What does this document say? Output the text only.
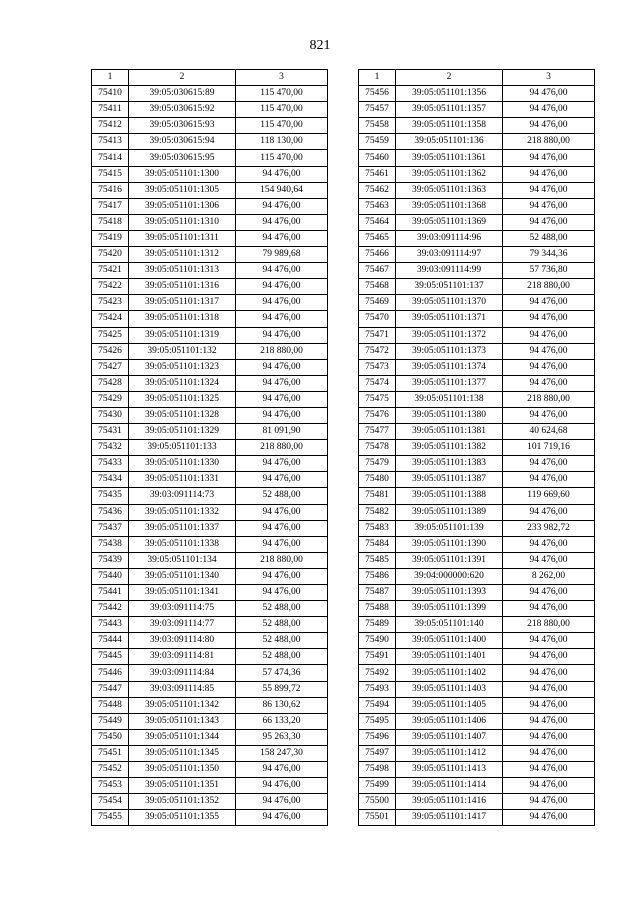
821
1	2	3
75410	39:05:030615:89	115 470,00
75411	39:05:030615:92	115 470,00
75412	39:05:030615:93	115 470,00
75413	39:05:030615:94	118 130,00
75414	39:05:030615:95	115 470,00
75415	39:05:051101:1300	94 476,00
75416	39:05:051101:1305	154 940,64
75417	39:05:051101:1306	94 476,00
75418	39:05:051101:1310	94 476,00
75419	39:05:051101:1311	94 476,00
75420	39:05:051101:1312	79 989,68
75421	39:05:051101:1313	94 476,00
75422	39:05:051101:1316	94 476,00
75423	39:05:051101:1317	94 476,00
75424	39:05:051101:1318	94 476,00
75425	39:05:051101:1319	94 476,00
75426	39:05:051101:132	218 880,00
75427	39:05:051101:1323	94 476,00
75428	39:05:051101:1324	94 476,00
75429	39:05:051101:1325	94 476,00
75430	39:05:051101:1328	94 476,00
75431	39:05:051101:1329	81 091,90
75432	39:05:051101:133	218 880,00
75433	39:05:051101:1330	94 476,00
75434	39:05:051101:1331	94 476,00
75435	39:03:091114:73	52 488,00
75436	39:05:051101:1332	94 476,00
75437	39:05:051101:1337	94 476,00
75438	39:05:051101:1338	94 476,00
75439	39:05:051101:134	218 880,00
75440	39:05:051101:1340	94 476,00
75441	39:05:051101:1341	94 476,00
75442	39:03:091114:75	52 488,00
75443	39:03:091114:77	52 488,00
75444	39:03:091114:80	52 488,00
75445	39:03:091114:81	52 488,00
75446	39:03:091114:84	57 474,36
75447	39:03:091114:85	55 899,72
75448	39:05:051101:1342	86 130,62
75449	39:05:051101:1343	66 133,20
75450	39:05:051101:1344	95 263,30
75451	39:05:051101:1345	158 247,30
75452	39:05:051101:1350	94 476,00
75453	39:05:051101:1351	94 476,00
75454	39:05:051101:1352	94 476,00
75455	39:05:051101:1355	94 476,00
1	2	3
75456	39:05:051101:1356	94 476,00
75457	39:05:051101:1357	94 476,00
75458	39:05:051101:1358	94 476,00
75459	39:05:051101:136	218 880,00
75460	39:05:051101:1361	94 476,00
75461	39:05:051101:1362	94 476,00
75462	39:05:051101:1363	94 476,00
75463	39:05:051101:1368	94 476,00
75464	39:05:051101:1369	94 476,00
75465	39:03:091114:96	52 488,00
75466	39:03:091114:97	79 344,36
75467	39:03:091114:99	57 736,80
75468	39:05:051101:137	218 880,00
75469	39:05:051101:1370	94 476,00
75470	39:05:051101:1371	94 476,00
75471	39:05:051101:1372	94 476,00
75472	39:05:051101:1373	94 476,00
75473	39:05:051101:1374	94 476,00
75474	39:05:051101:1377	94 476,00
75475	39:05:051101:138	218 880,00
75476	39:05:051101:1380	94 476,00
75477	39:05:051101:1381	40 624,68
75478	39:05:051101:1382	101 719,16
75479	39:05:051101:1383	94 476,00
75480	39:05:051101:1387	94 476,00
75481	39:05:051101:1388	119 669,60
75482	39:05:051101:1389	94 476,00
75483	39:05:051101:139	233 982,72
75484	39:05:051101:1390	94 476,00
75485	39:05:051101:1391	94 476,00
75486	39:04:000000:620	8 262,00
75487	39:05:051101:1393	94 476,00
75488	39:05:051101:1399	94 476,00
75489	39:05:051101:140	218 880,00
75490	39:05:051101:1400	94 476,00
75491	39:05:051101:1401	94 476,00
75492	39:05:051101:1402	94 476,00
75493	39:05:051101:1403	94 476,00
75494	39:05:051101:1405	94 476,00
75495	39:05:051101:1406	94 476,00
75496	39:05:051101:1407	94 476,00
75497	39:05:051101:1412	94 476,00
75498	39:05:051101:1413	94 476,00
75499	39:05:051101:1414	94 476,00
75500	39:05:051101:1416	94 476,00
75501	39:05:051101:1417	94 476,00
